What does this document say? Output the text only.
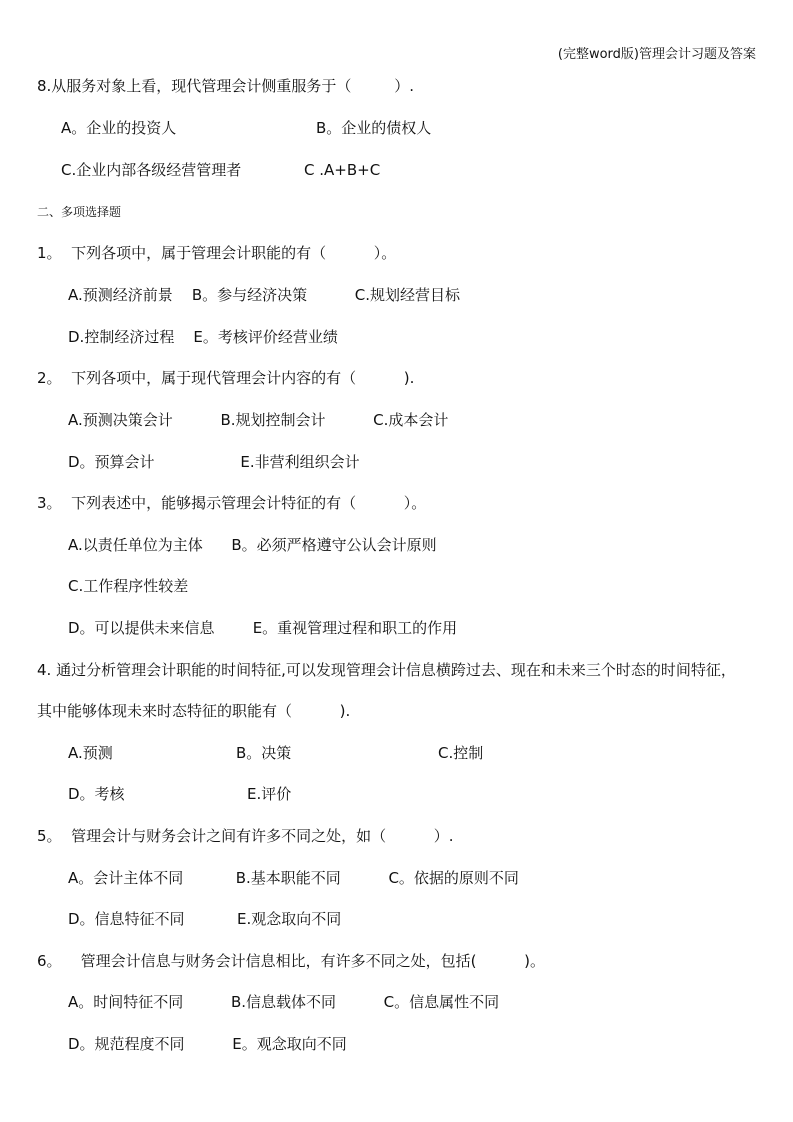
(完整word版)管理会计习题及答案
8.从服务对象上看，现代管理会计侧重服务于（         ）.
A。企业的投资人	B。企业的债权人
C.企业内部各级经营管理者	C .A+B+C
二、多项选择题
1。  下列各项中，属于管理会计职能的有（          ）。
A.预测经济前景    B。参与经济决策          C.规划经营目标
D.控制经济过程    E。考核评价经营业绩
2。  下列各项中，属于现代管理会计内容的有（          ).
A.预测决策会计          B.规划控制会计          C.成本会计
D。预算会计                  E.非营利组织会计
3。  下列表述中，能够揭示管理会计特征的有（          ）。
A.以责任单位为主体      B。必须严格遵守公认会计原则
C.工作程序性较差
D。可以提供未来信息        E。重视管理过程和职工的作用
4. 通过分析管理会计职能的时间特征,可以发现管理会计信息横跨过去、现在和未来三个时态的时间特征，
其中能够体现未来时态特征的职能有（          ).
A.预测	B。决策	C.控制
D。考核	E.评价
5。  管理会计与财务会计之间有许多不同之处，如（          ）.
A。会计主体不同           B.基本职能不同          C。依据的原则不同
D。信息特征不同           E.观念取向不同
6。    管理会计信息与财务会计信息相比，有许多不同之处，包括(          )。
A。时间特征不同          B.信息载体不同          C。信息属性不同
D。规范程度不同          E。观念取向不同
